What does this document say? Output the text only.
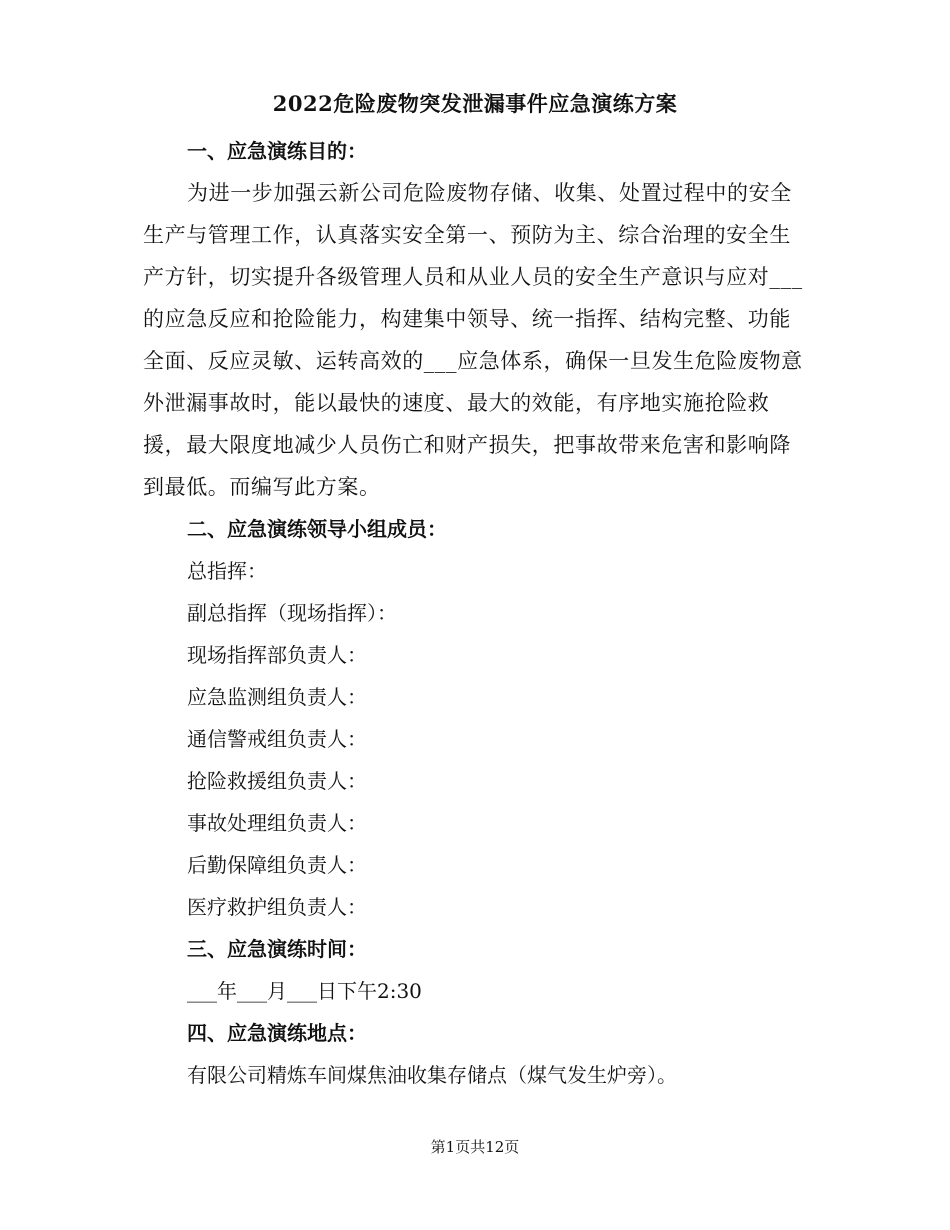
2022危险废物突发泄漏事件应急演练方案

一、应急演练目的：

为进一步加强云新公司危险废物存储、收集、处置过程中的安全生产与管理工作，认真落实安全第一、预防为主、综合治理的安全生产方针，切实提升各级管理人员和从业人员的安全生产意识与应对___的应急反应和抢险能力，构建集中领导、统一指挥、结构完整、功能全面、反应灵敏、运转高效的___应急体系，确保一旦发生危险废物意外泄漏事故时，能以最快的速度、最大的效能，有序地实施抢险救援，最大限度地减少人员伤亡和财产损失，把事故带来危害和影响降到最低。而编写此方案。

二、应急演练领导小组成员：

总指挥：

副总指挥（现场指挥）：

现场指挥部负责人：

应急监测组负责人：

通信警戒组负责人：

抢险救援组负责人：

事故处理组负责人：

后勤保障组负责人：

医疗救护组负责人：

三、应急演练时间：

___年___月___日下午2:30

四、应急演练地点：

有限公司精炼车间煤焦油收集存储点（煤气发生炉旁）。

第1页共12页
